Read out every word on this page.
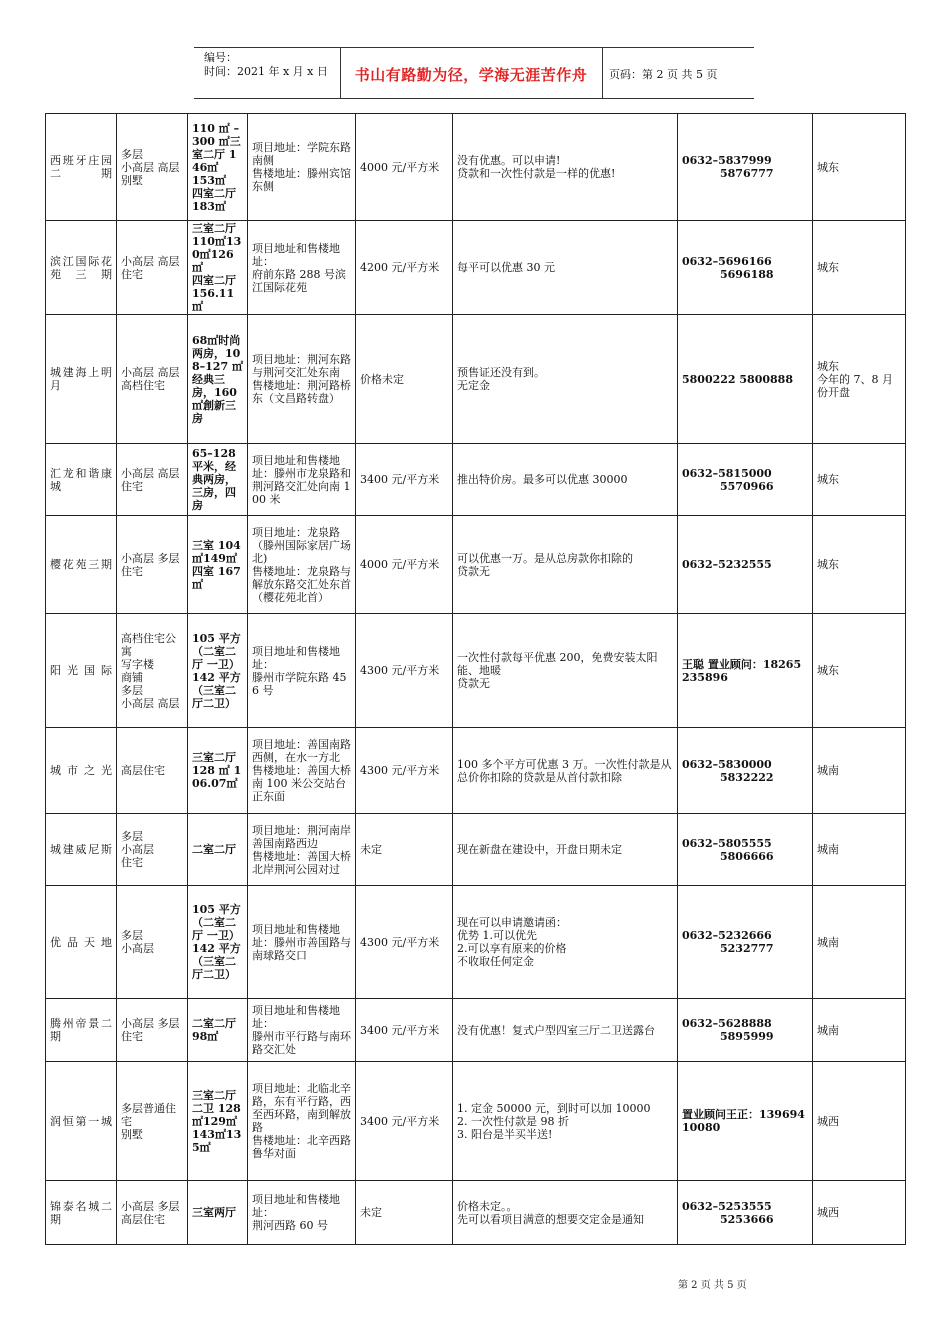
编号：
时间：2021 年 x 月 x 日	书山有路勤为径，学海无涯苦作舟	页码：第 2 页 共 5 页
西班牙庄园二期	多层
小高层 高层
别墅	110 ㎡ –300 ㎡三室二厅 146㎡
153㎡
四室二厅 183㎡	项目地址：学院东路南侧
售楼地址：滕州宾馆东侧	4000 元/平方米	没有优惠。可以申请!
贷款和一次性付款是一样的优惠!	0632–5837999
5876777	城东

滨江国际花苑三期	小高层 高层住宅	三室二厅 110㎡130㎡126㎡
四室二厅 156.11㎡	项目地址和售楼地址：
府前东路 288 号滨江国际花苑	4200 元/平方米	每平可以优惠 30 元	0632–5696166
5696188	城东

城建海上明月	小高层 高层
高档住宅	68㎡时尚两房，108–127 ㎡经典三房，160 ㎡創新三房	项目地址：荆河东路与荆河交汇处东南
售楼地址：荆河路桥东（文昌路转盘）	价格未定	预售证还没有到。
无定金	5800222 5800888	城东
今年的 7、8 月份开盘

汇龙和谐康城	小高层 高层住宅	65–128 平米，经典两房，三房，四房	项目地址和售楼地址：滕州市龙泉路和荆河路交汇处向南 100 米	3400 元/平方米	推出特价房。最多可以优惠 30000	0632–5815000
5570966	城东

樱花苑三期	小高层 多层住宅	三室 104㎡149㎡
四室 167㎡	项目地址：龙泉路（滕州国际家居广场北)
售楼地址：龙泉路与解放东路交汇处东首（樱花苑北首）	4000 元/平方米	可以优惠一万。是从总房款你扣除的
贷款无	0632–5232555	城东

阳光国际	高档住宅公寓
写字楼
商铺
多层
小高层 高层	105 平方（二室二厅 一卫）142 平方（三室二厅二卫）	项目地址和售楼地址：
滕州市学院东路 456 号	4300 元/平方米	一次性付款每平优惠 200，免费安装太阳能、地暖
贷款无	王聪 置业顾问：18265235896	城东

城市之光	高层住宅	三室二厅 128 ㎡ 106.07㎡	项目地址：善国南路西侧，在水一方北
售楼地址：善国大桥南 100 米公交站台正东面	4300 元/平方米	100 多个平方可优惠 3 万。一次性付款是从总价你扣除的贷款是从首付款扣除	0632–5830000
5832222	城南

城建威尼斯	多层
小高层
住宅	二室二厅	项目地址：荆河南岸善国南路西边
售楼地址：善国大桥北岸荆河公园对过	未定	现在新盘在建设中，开盘日期未定	0632–5805555
5806666	城南

优品天地	多层
小高层	105 平方（二室二厅 一卫）142 平方（三室二厅二卫）	项目地址和售楼地址：滕州市善国路与南球路交口	4300 元/平方米	现在可以申请邀请函：
优势 1.可以优先
2.可以享有原来的价格
不收取任何定金	0632–5232666
5232777	城南

腾州帝景二期	小高层 多层住宅	二室二厅 98㎡	项目地址和售楼地址：
滕州市平行路与南环路交汇处	3400 元/平方米	没有优惠！复式户型四室三厅二卫送露台	0632–5628888
5895999	城南

润恒第一城	多层普通住宅
别墅	三室二厅二卫 128㎡129㎡143㎡135㎡	项目地址：北临北辛路，东有平行路，西至西环路，南到解放路
售楼地址：北辛西路鲁华对面	3400 元/平方米	1. 定金 50000 元，到时可以加 10000
2. 一次性付款是 98 折
3. 阳台是半买半送!	置业顾问王正：13969410080	城西

锦泰名城二期	小高层 多层
高层住宅	三室两厅	项目地址和售楼地址：
荆河西路 60 号	未定	价格未定。。
先可以看项目满意的想要交定金是通知	0632–5253555
5253666	城西
第 2 页 共 5 页
